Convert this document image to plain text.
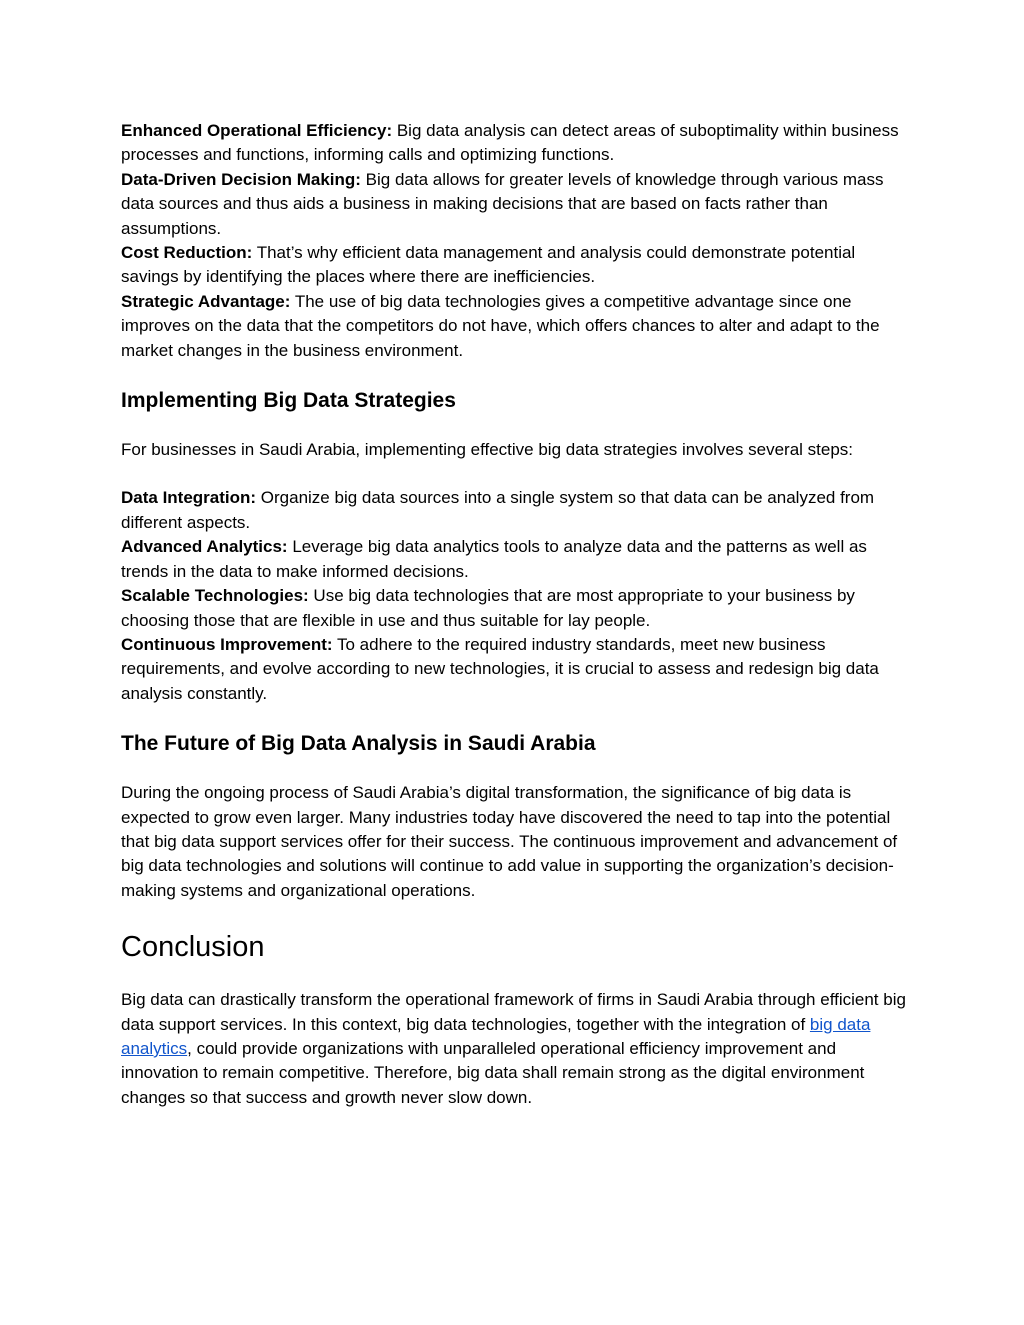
Enhanced Operational Efficiency: Big data analysis can detect areas of suboptimality within business processes and functions, informing calls and optimizing functions.

Data-Driven Decision Making: Big data allows for greater levels of knowledge through various mass data sources and thus aids a business in making decisions that are based on facts rather than assumptions.

Cost Reduction: That’s why efficient data management and analysis could demonstrate potential savings by identifying the places where there are inefficiencies.

Strategic Advantage: The use of big data technologies gives a competitive advantage since one improves on the data that the competitors do not have, which offers chances to alter and adapt to the market changes in the business environment.

Implementing Big Data Strategies

For businesses in Saudi Arabia, implementing effective big data strategies involves several steps:

Data Integration: Organize big data sources into a single system so that data can be analyzed from different aspects.

Advanced Analytics: Leverage big data analytics tools to analyze data and the patterns as well as trends in the data to make informed decisions.

Scalable Technologies: Use big data technologies that are most appropriate to your business by choosing those that are flexible in use and thus suitable for lay people.

Continuous Improvement: To adhere to the required industry standards, meet new business requirements, and evolve according to new technologies, it is crucial to assess and redesign big data analysis constantly.

The Future of Big Data Analysis in Saudi Arabia

During the ongoing process of Saudi Arabia’s digital transformation, the significance of big data is expected to grow even larger. Many industries today have discovered the need to tap into the potential that big data support services offer for their success. The continuous improvement and advancement of big data technologies and solutions will continue to add value in supporting the organization’s decision-making systems and organizational operations.

Conclusion

Big data can drastically transform the operational framework of firms in Saudi Arabia through efficient big data support services. In this context, big data technologies, together with the integration of big data analytics, could provide organizations with unparalleled operational efficiency improvement and innovation to remain competitive. Therefore, big data shall remain strong as the digital environment changes so that success and growth never slow down.
